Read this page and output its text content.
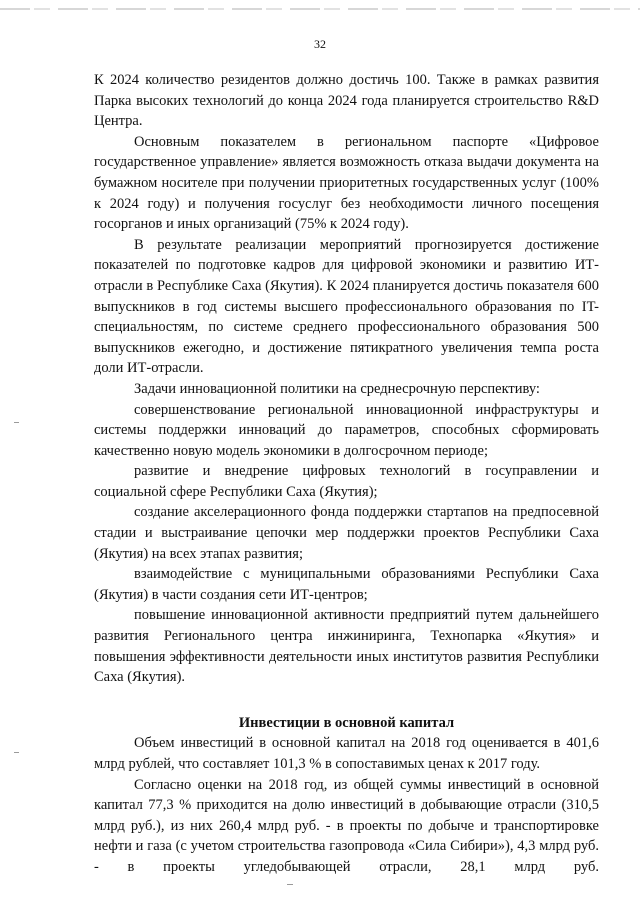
32

К 2024 количество резидентов должно достичь 100. Также в рамках развития Парка высоких технологий до конца 2024 года планируется строительство R&D Центра.

Основным показателем в региональном паспорте «Цифровое государственное управление» является возможность отказа выдачи документа на бумажном носителе при получении приоритетных государственных услуг (100% к 2024 году) и получения госуслуг без необходимости личного посещения госорганов и иных организаций (75% к 2024 году).

В результате реализации мероприятий прогнозируется достижение показателей по подготовке кадров для цифровой экономики и развитию ИТ-отрасли в Республике Саха (Якутия). К 2024 планируется достичь показателя 600 выпускников в год системы высшего профессионального образования по IT-специальностям, по системе среднего профессионального образования 500 выпускников ежегодно, и достижение пятикратного увеличения темпа роста доли ИТ-отрасли.

Задачи инновационной политики на среднесрочную перспективу:

совершенствование региональной инновационной инфраструктуры и системы поддержки инноваций до параметров, способных сформировать качественно новую модель экономики в долгосрочном периоде;

развитие и внедрение цифровых технологий в госуправлении и социальной сфере Республики Саха (Якутия);

создание акселерационного фонда поддержки стартапов на предпосевной стадии и выстраивание цепочки мер поддержки проектов Республики Саха (Якутия) на всех этапах развития;

взаимодействие с муниципальными образованиями Республики Саха (Якутия) в части создания сети ИТ-центров;

повышение инновационной активности предприятий путем дальнейшего развития Регионального центра инжиниринга, Технопарка «Якутия» и повышения эффективности деятельности иных институтов развития Республики Саха (Якутия).

Инвестиции в основной капитал

Объем инвестиций в основной капитал на 2018 год оценивается в 401,6 млрд рублей, что составляет 101,3 % в сопоставимых ценах к 2017 году.

Согласно оценки на 2018 год, из общей суммы инвестиций в основной капитал 77,3 % приходится на долю инвестиций в добывающие отрасли (310,5 млрд руб.), из них 260,4 млрд руб. - в проекты по добыче и транспортировке нефти и газа (с учетом строительства газопровода «Сила Сибири»), 4,3 млрд руб. - в проекты угледобывающей отрасли, 28,1 млрд руб.
